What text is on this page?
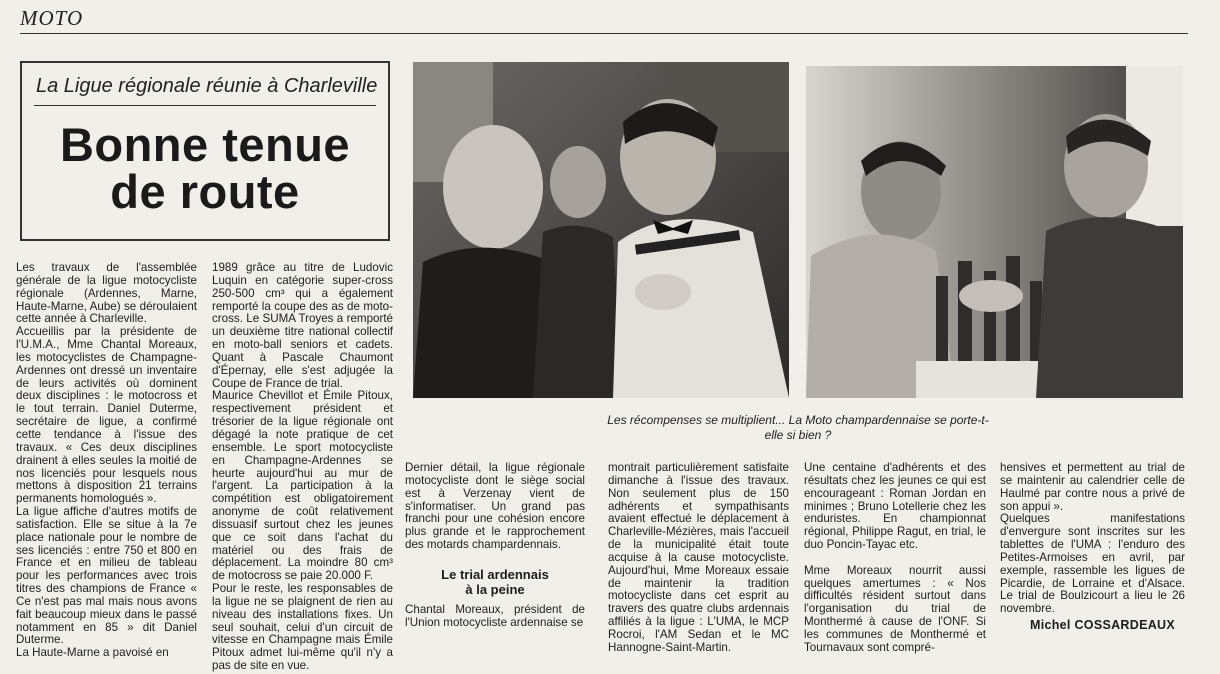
MOTO
La Ligue régionale réunie à Charleville
Bonne tenue
de route
Les récompenses se multiplient... La Moto champardennaise se porte-t-elle si bien ?
Les travaux de l'assemblée générale de la ligue motocycliste régionale (Ardennes, Marne, Haute-Marne, Aube) se déroulaient cette année à Charleville.
Accueillis par la présidente de l'U.M.A., Mme Chantal Moreaux, les motocyclistes de Champagne-Ardennes ont dressé un inventaire de leurs activités où dominent deux disciplines : le motocross et le tout terrain. Daniel Duterme, secrétaire de ligue, a confirmé cette tendance à l'issue des travaux. « Ces deux disciplines drainent à elles seules la moitié de nos licenciés pour lesquels nous mettons à disposition 21 terrains permanents homologués ».
La ligue affiche d'autres motifs de satisfaction. Elle se situe à la 7e place nationale pour le nombre de ses licenciés : entre 750 et 800 en France et en milieu de tableau pour les performances avec trois titres des champions de France « Ce n'est pas mal mais nous avons fait beaucoup mieux dans le passé notamment en 85 » dit Daniel Duterme.
La Haute-Marne a pavoisé en
1989 grâce au titre de Ludovic Luquin en catégorie super-cross 250-500 cm³ qui a également remporté la coupe des as de moto-cross. Le SUMA Troyes a remporté un deuxième titre national collectif en moto-ball seniors et cadets. Quant à Pascale Chaumont d'Épernay, elle s'est adjugée la Coupe de France de trial.
Maurice Chevillot et Émile Pitoux, respectivement président et trésorier de la ligue régionale ont dégagé la note pratique de cet ensemble. Le sport motocycliste en Champagne-Ardennes se heurte aujourd'hui au mur de l'argent. La participation à la compétition est obligatoirement anonyme de coût relativement dissuasif surtout chez les jeunes que ce soit dans l'achat du matériel ou des frais de déplacement. La moindre 80 cm³ de motocross se paie 20.000 F.
Pour le reste, les responsables de la ligue ne se plaignent de rien au niveau des installations fixes. Un seul souhait, celui d'un circuit de vitesse en Champagne mais Émile Pitoux admet lui-même qu'il n'y a pas de site en vue.
Dernier détail, la ligue régionale motocycliste dont le siège social est à Verzenay vient de s'informatiser. Un grand pas franchi pour une cohésion encore plus grande et le rapprochement des motards champardennais.
Le trial ardennais
à la peine
Chantal Moreaux, président de l'Union motocycliste ardennaise se
montrait particulièrement satisfaite dimanche à l'issue des travaux. Non seulement plus de 150 adhérents et sympathisants avaient effectué le déplacement à Charleville-Mézières, mais l'accueil de la municipalité était toute acquise à la cause motocycliste. Aujourd'hui, Mme Moreaux essaie de maintenir la tradition motocycliste dans cet esprit au travers des quatre clubs ardennais affiliés à la ligue : L'UMA, le MCP Rocroi, l'AM Sedan et le MC Hannogne-Saint-Martin.
Une centaine d'adhérents et des résultats chez les jeunes ce qui est encourageant : Roman Jordan en minimes ; Bruno Lotellerie chez les enduristes. En championnat régional, Philippe Ragut, en trial, le duo Poncin-Tayac etc.

Mme Moreaux nourrit aussi quelques amertumes : « Nos difficultés résident surtout dans l'organisation du trial de Monthermé à cause de l'ONF. Si les communes de Monthermé et Tournavaux sont compré-
hensives et permettent au trial de se maintenir au calendrier celle de Haulmé par contre nous a privé de son appui ».
Quelques manifestations d'envergure sont inscrites sur les tablettes de l'UMA : l'enduro des Petites-Armoises en avril, par exemple, rassemble les ligues de Picardie, de Lorraine et d'Alsace. Le trial de Boulzicourt a lieu le 26 novembre.
Michel COSSARDEAUX
